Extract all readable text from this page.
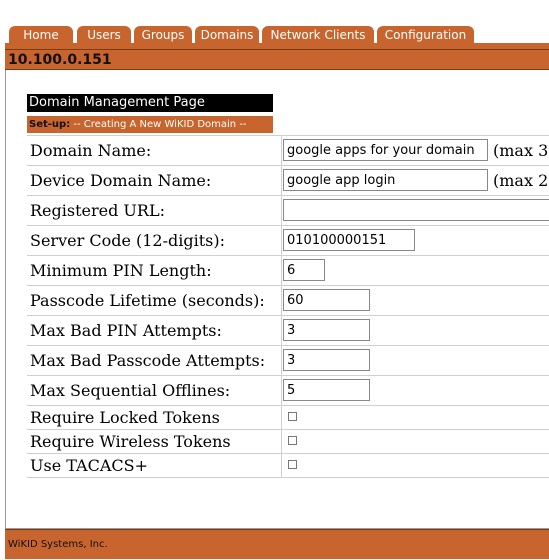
Home	Users	Groups	Domains	Network Clients	Configuration
10.100.0.151
Domain Management Page
Set-up: -- Creating A New WiKID Domain --
Domain Name:
google apps for your domain	(max 3
Device Domain Name:
google app login	(max 2
Registered URL:
Server Code (12-digits):
010100000151
Minimum PIN Length:
6
Passcode Lifetime (seconds):
60
Max Bad PIN Attempts:
3
Max Bad Passcode Attempts:
3
Max Sequential Offlines:
5
Require Locked Tokens
Require Wireless Tokens
Use TACACS+
WiKID Systems, Inc.
